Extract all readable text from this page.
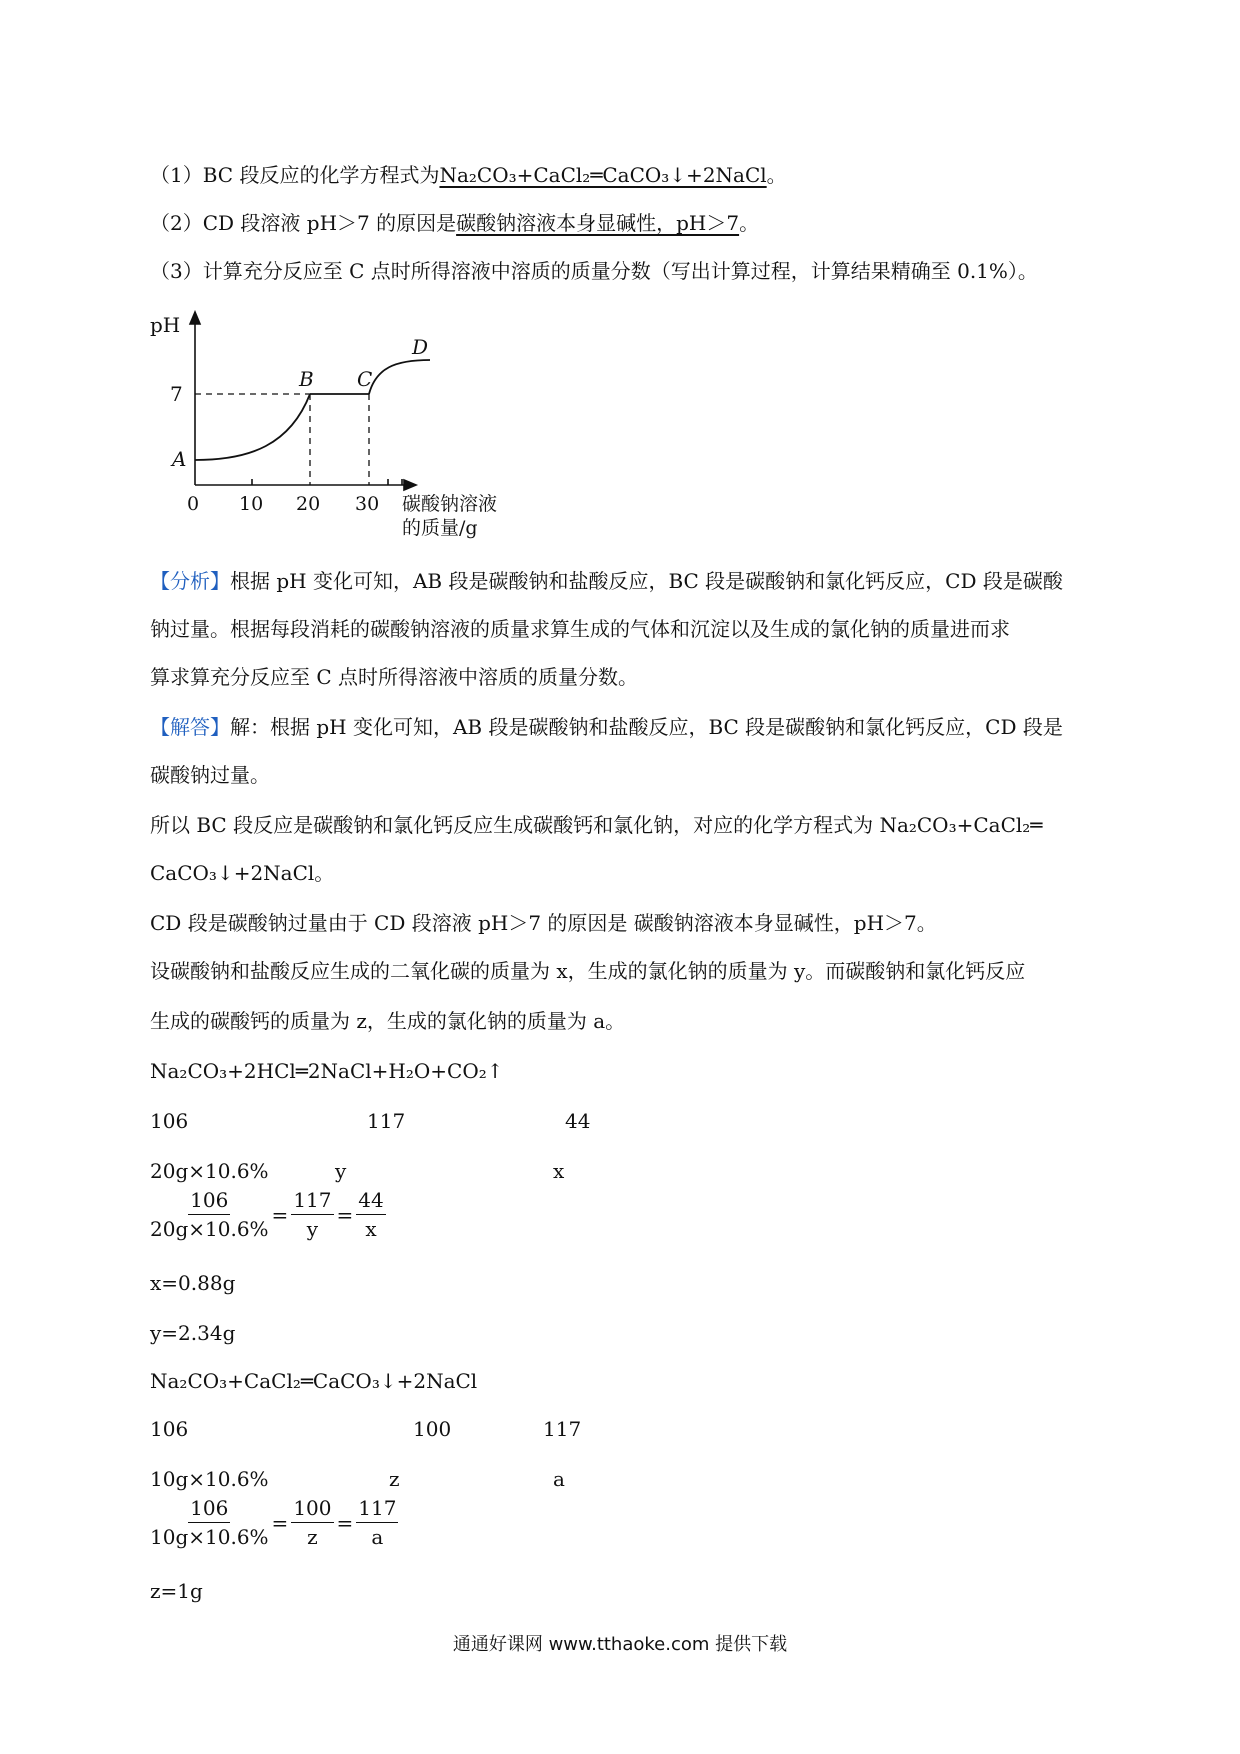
（1）BC 段反应的化学方程式为Na₂CO₃+CaCl₂═CaCO₃↓+2NaCl。
（2）CD 段溶液 pH＞7 的原因是碳酸钠溶液本身显碱性，pH＞7。
（3）计算充分反应至 C 点时所得溶液中溶质的质量分数（写出计算过程，计算结果精确至 0.1%）。
pH
7
A
B C
D
0 10 20 30 碳酸钠溶液
的质量/g
【分析】根据 pH 变化可知，AB 段是碳酸钠和盐酸反应，BC 段是碳酸钠和氯化钙反应，CD 段是碳酸
钠过量。根据每段消耗的碳酸钠溶液的质量求算生成的气体和沉淀以及生成的氯化钠的质量进而求
算求算充分反应至 C 点时所得溶液中溶质的质量分数。
【解答】解：根据 pH 变化可知，AB 段是碳酸钠和盐酸反应，BC 段是碳酸钠和氯化钙反应，CD 段是
碳酸钠过量。
所以 BC 段反应是碳酸钠和氯化钙反应生成碳酸钙和氯化钠，对应的化学方程式为 Na₂CO₃+CaCl₂═
CaCO₃↓+2NaCl。
CD 段是碳酸钠过量由于 CD 段溶液 pH＞7 的原因是 碳酸钠溶液本身显碱性，pH＞7。
设碳酸钠和盐酸反应生成的二氧化碳的质量为 x，生成的氯化钠的质量为 y。而碳酸钠和氯化钙反应
生成的碳酸钙的质量为 z，生成的氯化钠的质量为 a。
Na₂CO₃+2HCl═2NaCl+H₂O+CO₂↑
106	117	44
20g×10.6%	y	x
$\frac{106}{20g\times 10.6\%} = \frac{117}{y} = \frac{44}{x}$
x=0.88g
y=2.34g
Na₂CO₃+CaCl₂═CaCO₃↓+2NaCl
106	100	117
10g×10.6%	z	a
$\frac{106}{10g\times 10.6\%} = \frac{100}{z} = \frac{117}{a}$
z=1g
通通好课网 www.tthaoke.com 提供下载
